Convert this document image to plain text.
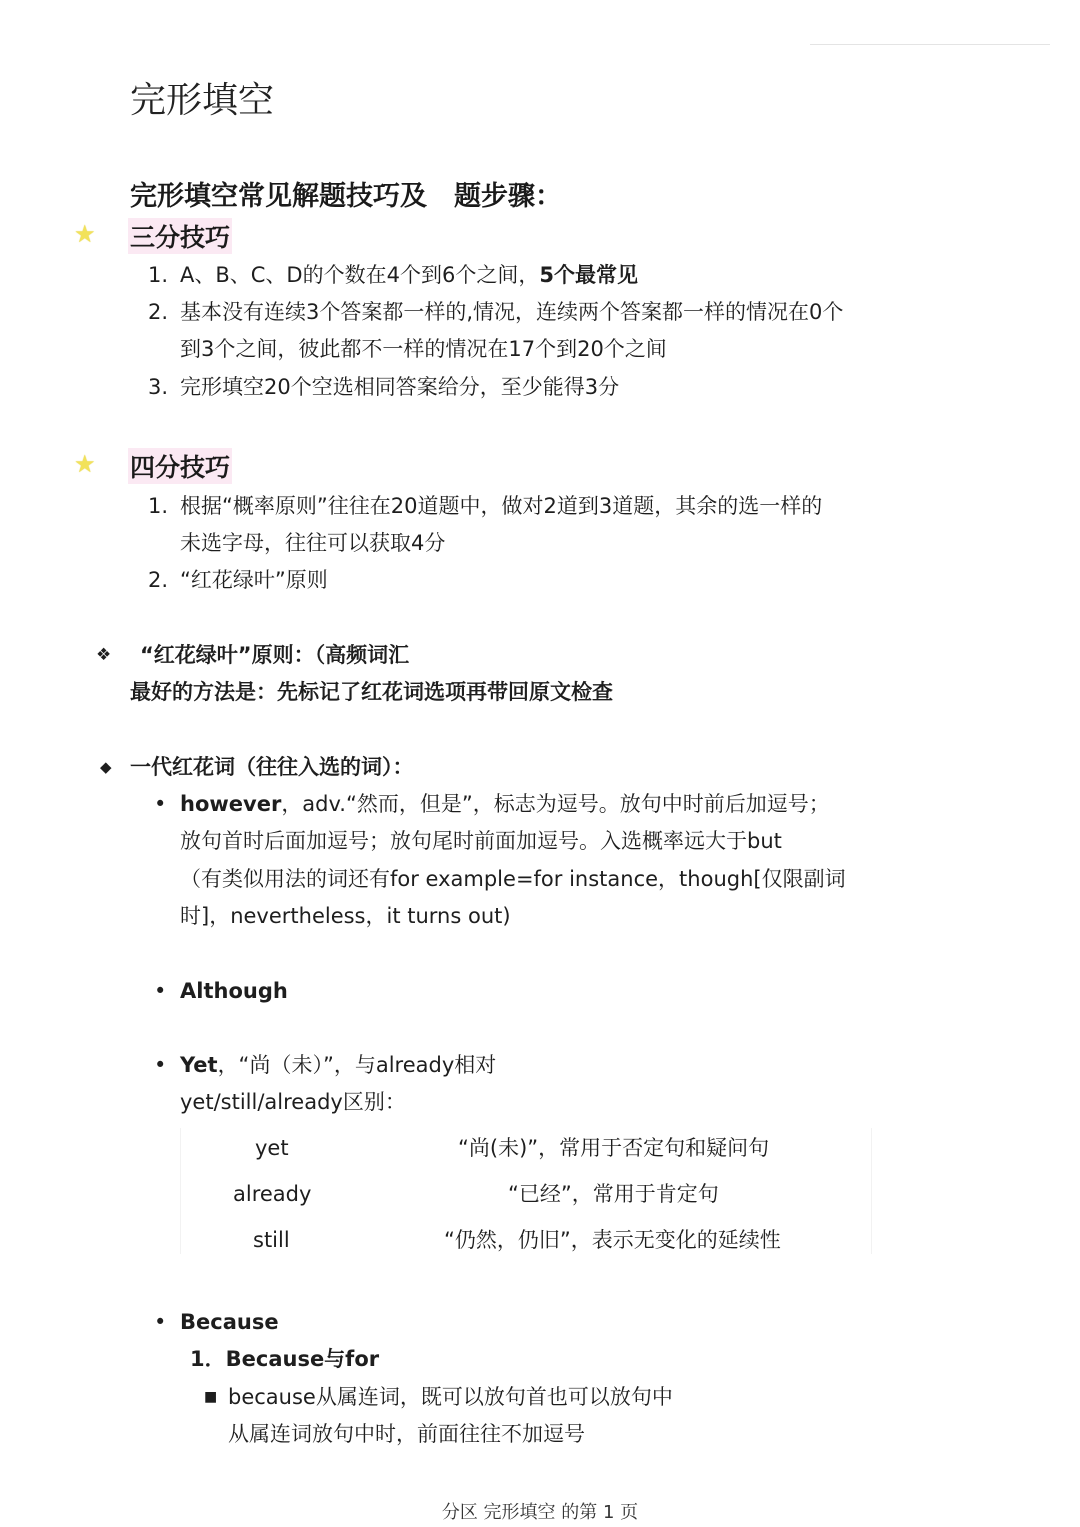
完形填空
完形填空常见解题技巧及　题步骤：
★ 三分技巧
1. A、B、C、D的个数在4个到6个之间，5个最常见
2. 基本没有连续3个答案都一样的,情况，连续两个答案都一样的情况在0个
到3个之间，彼此都不一样的情况在17个到20个之间
3. 完形填空20个空选相同答案给分，至少能得3分
★ 四分技巧
1. 根据“概率原则”往往在20道题中，做对2道到3道题，其余的选一样的
未选字母，往往可以获取4分
2. “红花绿叶”原则
❖ “红花绿叶”原则：（高频词汇
最好的方法是：先标记了红花词选项再带回原文检查
◆ 一代红花词（往往入选的词）：
• however，adv.“然而，但是”，标志为逗号。放句中时前后加逗号；
放句首时后面加逗号；放句尾时前面加逗号。入选概率远大于but
（有类似用法的词还有for example=for instance，though[仅限副词
时]，nevertheless，it turns out)
• Although
• Yet，“尚（未）”，与already相对
yet/still/already区别：
yet	“尚(未)”，常用于否定句和疑问句
already	“已经”，常用于肯定句
still	“仍然，仍旧”，表示无变化的延续性
• Because
1．Because与for
■ because从属连词，既可以放句首也可以放句中
从属连词放句中时，前面往往不加逗号
分区 完形填空 的第 1 页
